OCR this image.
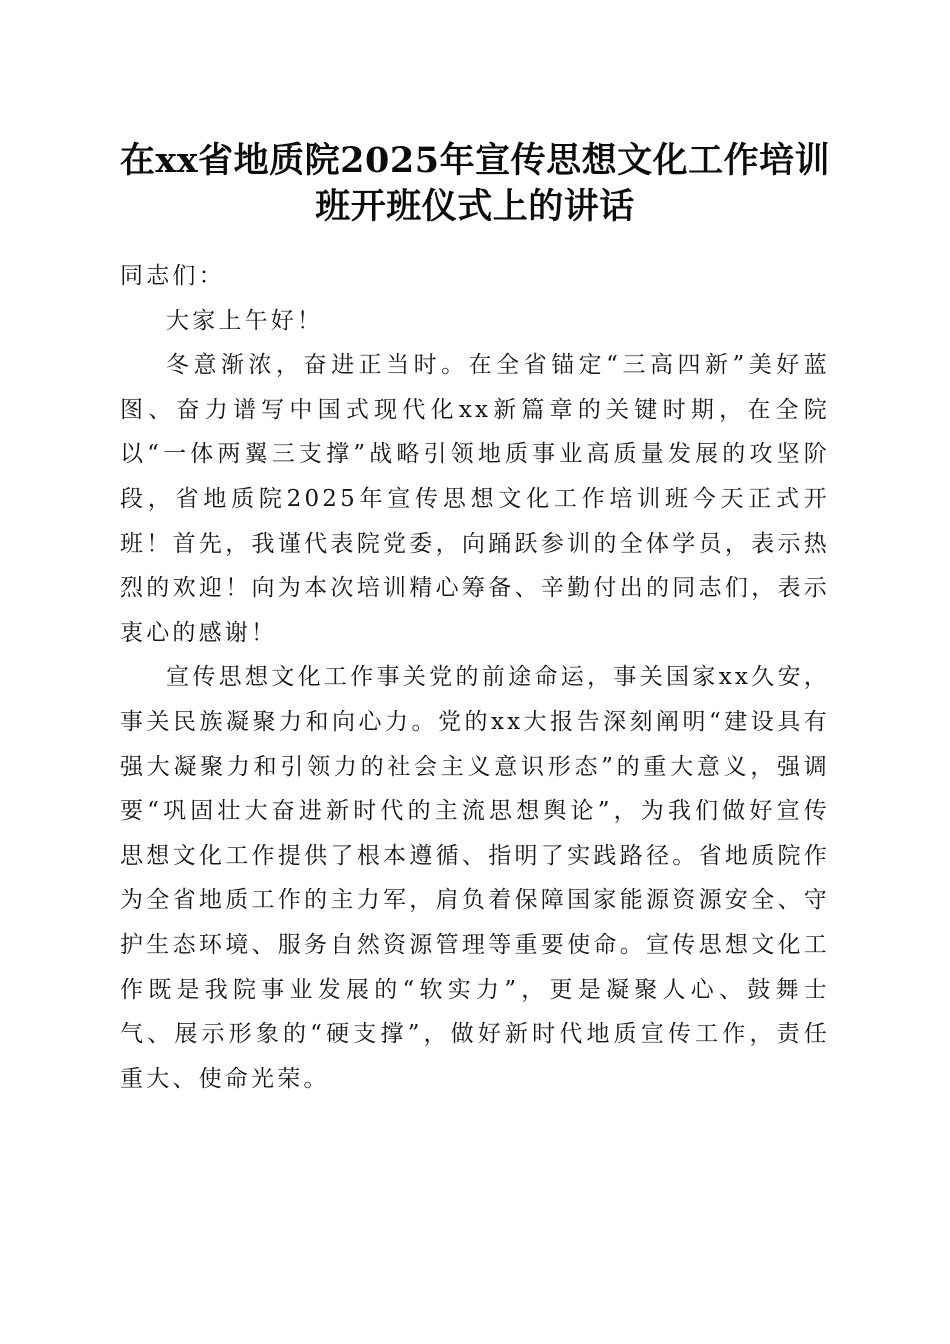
在xx省地质院2025年宣传思想文化工作培训
班开班仪式上的讲话

同志们：

大家上午好！

冬意渐浓，奋进正当时。在全省锚定“三高四新”美好蓝图、奋力谱写中国式现代化xx新篇章的关键时期，在全院以“一体两翼三支撑”战略引领地质事业高质量发展的攻坚阶段，省地质院2025年宣传思想文化工作培训班今天正式开班！首先，我谨代表院党委，向踊跃参训的全体学员，表示热烈的欢迎！向为本次培训精心筹备、辛勤付出的同志们，表示衷心的感谢！

宣传思想文化工作事关党的前途命运，事关国家xx久安，事关民族凝聚力和向心力。党的xx大报告深刻阐明“建设具有强大凝聚力和引领力的社会主义意识形态”的重大意义，强调要“巩固壮大奋进新时代的主流思想舆论”，为我们做好宣传思想文化工作提供了根本遵循、指明了实践路径。省地质院作为全省地质工作的主力军，肩负着保障国家能源资源安全、守护生态环境、服务自然资源管理等重要使命。宣传思想文化工作既是我院事业发展的“软实力”，更是凝聚人心、鼓舞士气、展示形象的“硬支撑”，做好新时代地质宣传工作，责任重大、使命光荣。
